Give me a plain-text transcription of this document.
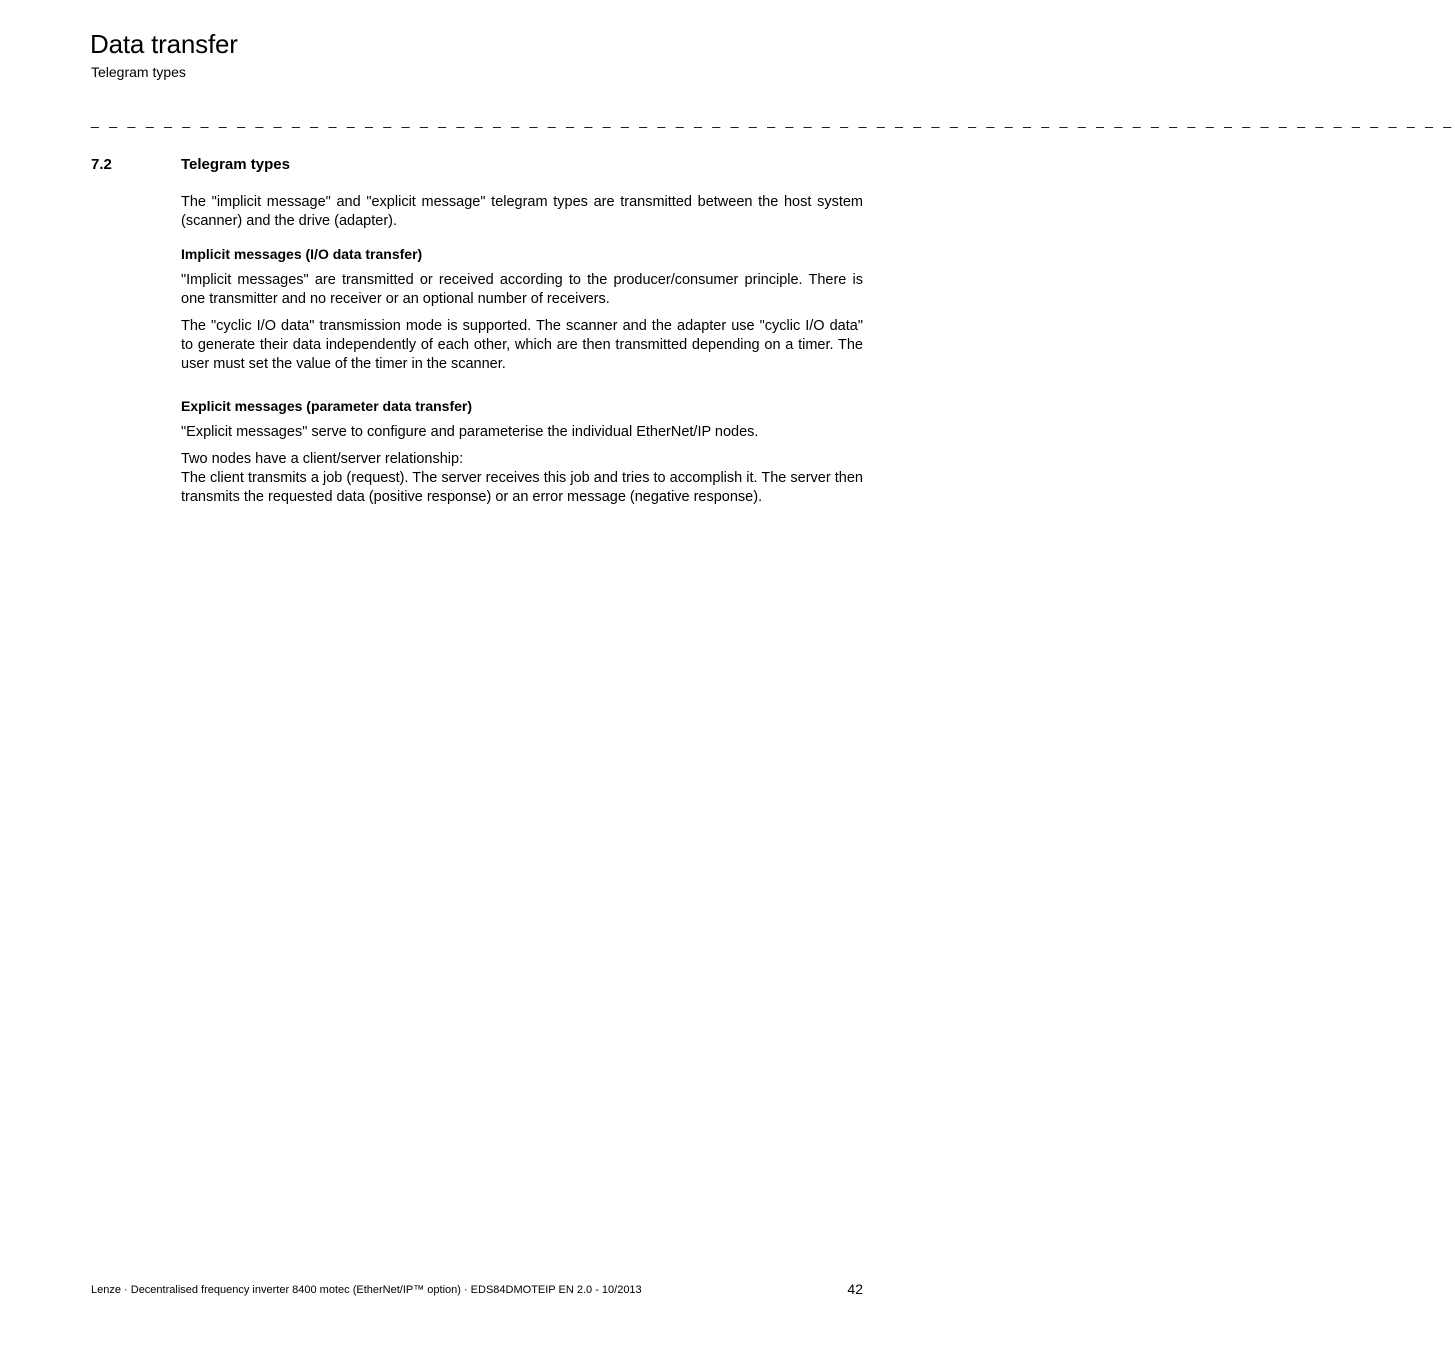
Data transfer
Telegram types
_ _ _ _ _ _ _ _ _ _ _ _ _ _ _ _ _ _ _ _ _ _ _ _ _ _ _ _ _ _ _ _ _ _ _ _ _ _ _ _ _ _ _ _ _ _ _ _ _ _ _ _ _ _ _ _ _ _ _ _ _ _ _ _ _ _ _ _ _ _ _ _ _ _ _
7.2	Telegram types

The "implicit message" and "explicit message" telegram types are transmitted between the host system (scanner) and the drive (adapter).

Implicit messages (I/O data transfer)

"Implicit messages" are transmitted or received according to the producer/consumer principle. There is one transmitter and no receiver or an optional number of receivers.

The "cyclic I/O data" transmission mode is supported. The scanner and the adapter use "cyclic I/O data" to generate their data independently of each other, which are then transmitted depending on a timer. The user must set the value of the timer in the scanner.

Explicit messages (parameter data transfer)

"Explicit messages" serve to configure and parameterise the individual EtherNet/IP nodes.

Two nodes have a client/server relationship:
The client transmits a job (request). The server receives this job and tries to accomplish it. The server then transmits the requested data (positive response) or an error message (negative response).

Lenze · Decentralised frequency inverter 8400 motec (EtherNet/IP™ option) · EDS84DMOTEIP EN 2.0 - 10/2013	42
